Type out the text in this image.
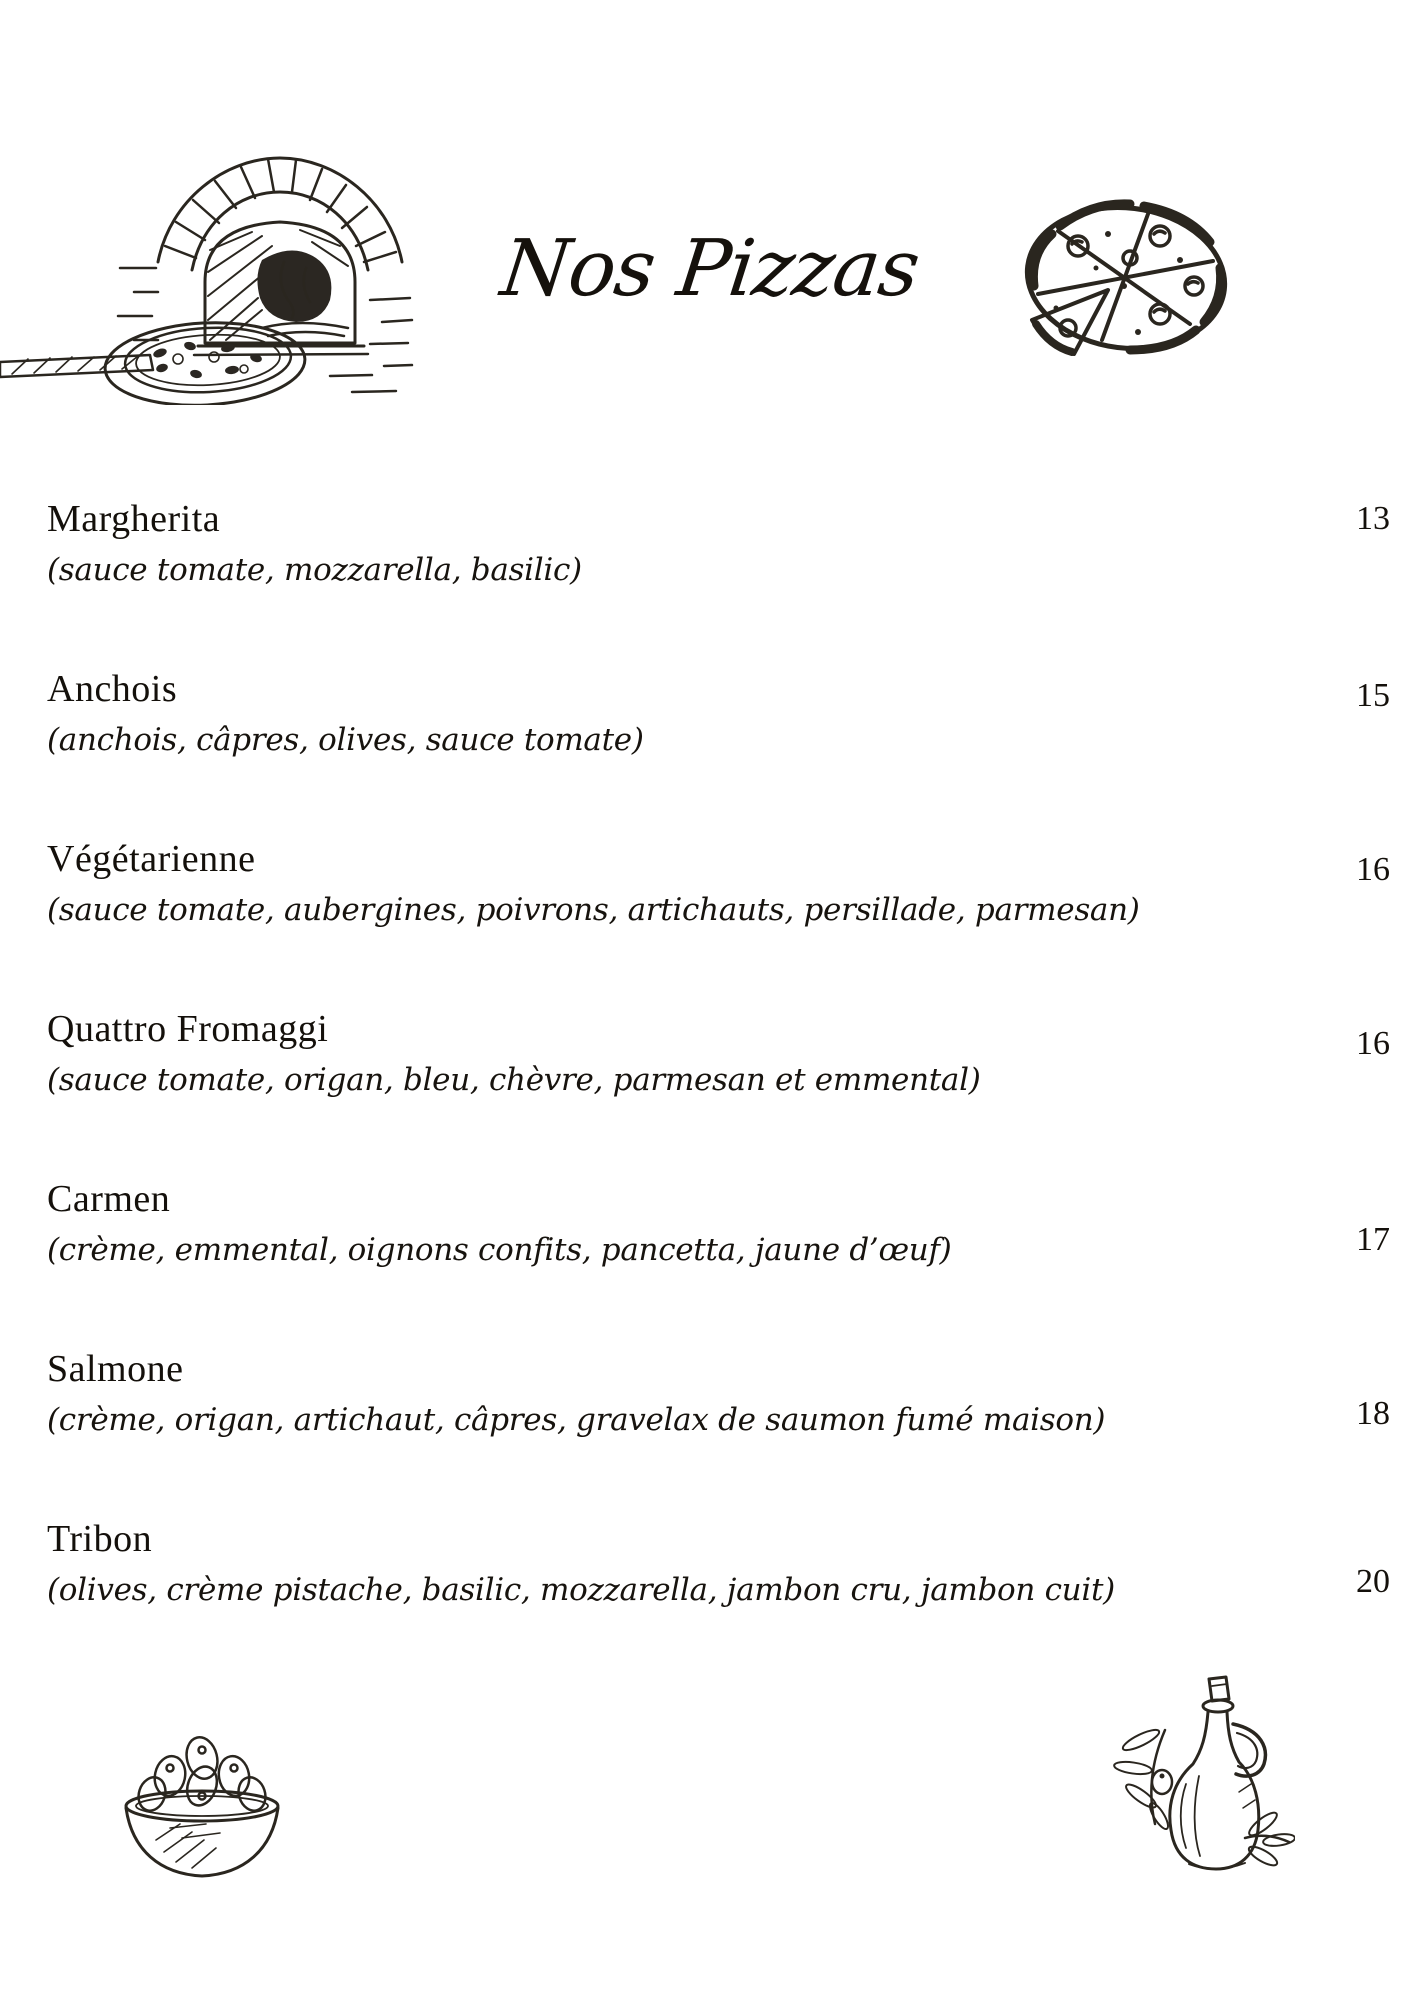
Nos Pizzas
Margherita
(sauce tomate, mozzarella, basilic)
13
Anchois
(anchois, câpres, olives, sauce tomate)
15
Végétarienne
(sauce tomate, aubergines, poivrons, artichauts, persillade, parmesan)
16
Quattro Fromaggi
(sauce tomate, origan, bleu, chèvre, parmesan et emmental)
16
Carmen
(crème, emmental, oignons confits, pancetta, jaune d’œuf)	17
Salmone
(crème, origan, artichaut, câpres, gravelax de saumon fumé maison)	18
Tribon
(olives, crème pistache, basilic, mozzarella, jambon cru, jambon cuit)	20
